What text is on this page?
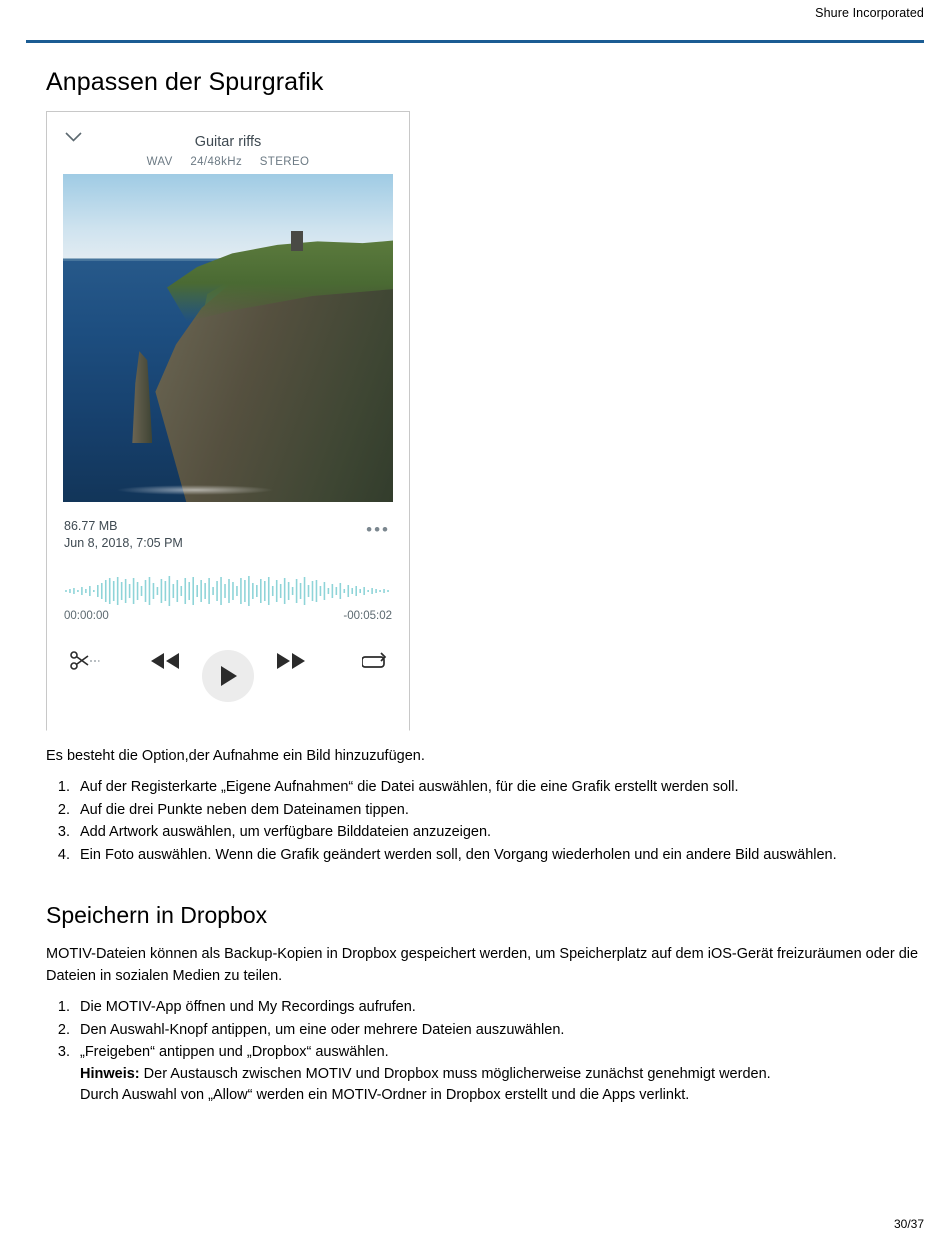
Shure Incorporated
Anpassen der Spurgrafik
Guitar riffs
WAV 24/48kHz STEREO
86.77 MB
Jun 8, 2018, 7:05 PM
•••
00:00:00	-00:05:02

Es besteht die Option,der Aufnahme ein Bild hinzuzufügen.

1. Auf der Registerkarte „Eigene Aufnahmen“ die Datei auswählen, für die eine Grafik erstellt werden soll.
2. Auf die drei Punkte neben dem Dateinamen tippen.
3. Add Artwork auswählen, um verfügbare Bilddateien anzuzeigen.
4. Ein Foto auswählen. Wenn die Grafik geändert werden soll, den Vorgang wiederholen und ein andere Bild auswählen.
Speichern in Dropbox

MOTIV-Dateien können als Backup-Kopien in Dropbox gespeichert werden, um Speicherplatz auf dem iOS-Gerät freizuräumen oder die Dateien in sozialen Medien zu teilen.

1. Die MOTIV-App öffnen und My Recordings aufrufen.
2. Den Auswahl-Knopf antippen, um eine oder mehrere Dateien auszuwählen.
3. „Freigeben“ antippen und „Dropbox“ auswählen.
Hinweis: Der Austausch zwischen MOTIV und Dropbox muss möglicherweise zunächst genehmigt werden.
Durch Auswahl von „Allow“ werden ein MOTIV-Ordner in Dropbox erstellt und die Apps verlinkt.
30/37
